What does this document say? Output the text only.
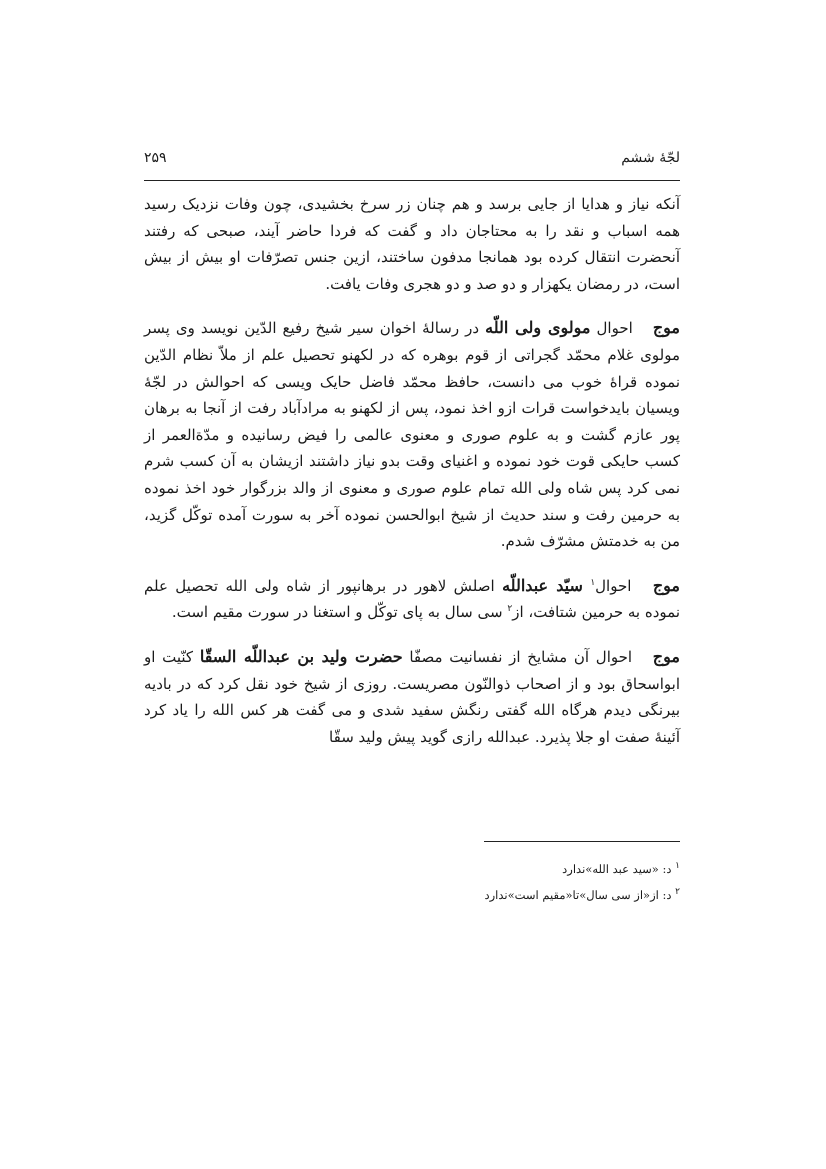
لجّهٔ ششم
۲۵۹

آنکه نیاز و هدایا از جایی برسد و هم چنان زر سرخ بخشیدی، چون وفات نزدیک رسید همه اسباب و نقد را به محتاجان داد و گفت که فردا حاضر آیند، صبحی که رفتند آنحضرت انتقال کرده بود همانجا مدفون ساختند، ازین جنس تصرّفات او بیش از بیش است، در رمضان یکهزار و دو صد و دو هجری وفات یافت.

موج احوال مولوی ولی اللّه در رسالهٔ اخوان سیر شیخ رفیع الدّین نویسد وی پسر مولوی غلام محمّد گجراتی از قوم بوهره که در لکهنو تحصیل علم از ملاّ نظام الدّین نموده قراهٔ خوب می دانست، حافظ محمّد فاضل حایک ویسی که احوالش در لجّهٔ ویسیان بایدخواست قرات ازو اخذ نمود، پس از لکهنو به مرادآباد رفت از آنجا به برهان پور عازم گشت و به علوم صوری و معنوی عالمی را فیض رسانیده و مدّةالعمر از کسب حایکی قوت خود نموده و اغنیای وقت بدو نیاز داشتند ازیشان به آن کسب شرم نمی کرد پس شاه ولی الله تمام علوم صوری و معنوی از والد بزرگوار خود اخذ نموده به حرمین رفت و سند حدیث از شیخ ابوالحسن نموده آخر به سورت آمده توکّل گزید، من به خدمتش مشرّف شدم.

موج احوال$^۱$ سیّد عبداللّه اصلش لاهور در برهانپور از شاه ولی الله تحصیل علم نموده به حرمین شتافت، از$^۲$ سی سال به پای توکّل و استغنا در سورت مقیم است.

موج احوال آن مشایخ از نفسانیت مصفّا حضرت ولید بن عبداللّه السقّا کنّیت او ابواسحاق بود و از اصحاب ذوالنّون مصریست. روزی از شیخ خود نقل کرد که در بادیه بیرنگی دیدم هرگاه الله گفتی رنگش سفید شدی و می گفت هر کس الله را یاد کرد آئینهٔ صفت او جلا پذیرد. عبدالله رازی گوید پیش ولید سقّا

$^۱$ د: «سید عبد الله»ندارد

$^۲$ د: از«از سی سال»تا«مقیم است»ندارد
